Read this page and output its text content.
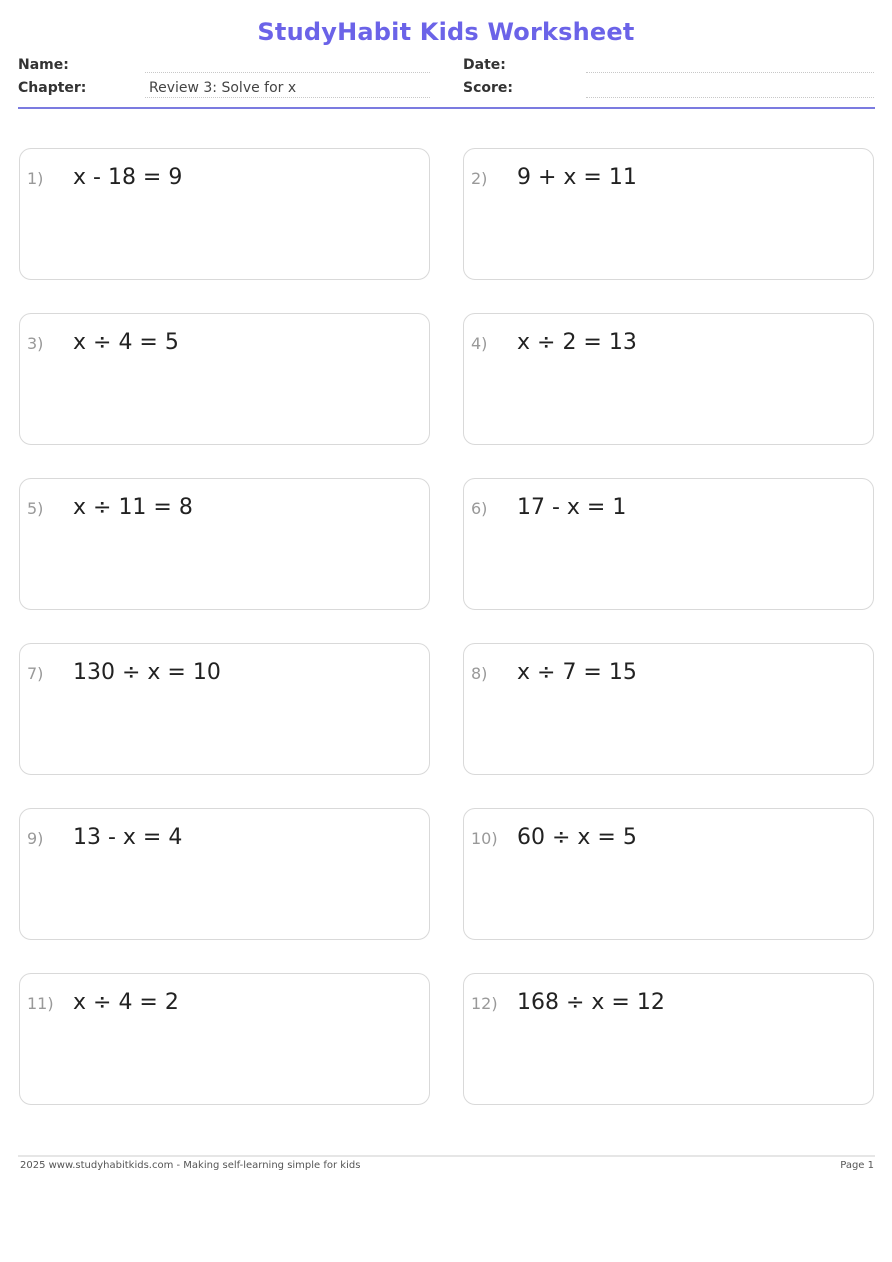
StudyHabit Kids Worksheet
Name:
Chapter:	Review 3: Solve for x
Date:
Score:
1) x - 18 = 9	2) 9 + x = 11
3) x ÷ 4 = 5	4) x ÷ 2 = 13
5) x ÷ 11 = 8	6) 17 - x = 1
7) 130 ÷ x = 10	8) x ÷ 7 = 15
9) 13 - x = 4	10) 60 ÷ x = 5
11) x ÷ 4 = 2	12) 168 ÷ x = 12
2025 www.studyhabitkids.com - Making self-learning simple for kids	Page 1
